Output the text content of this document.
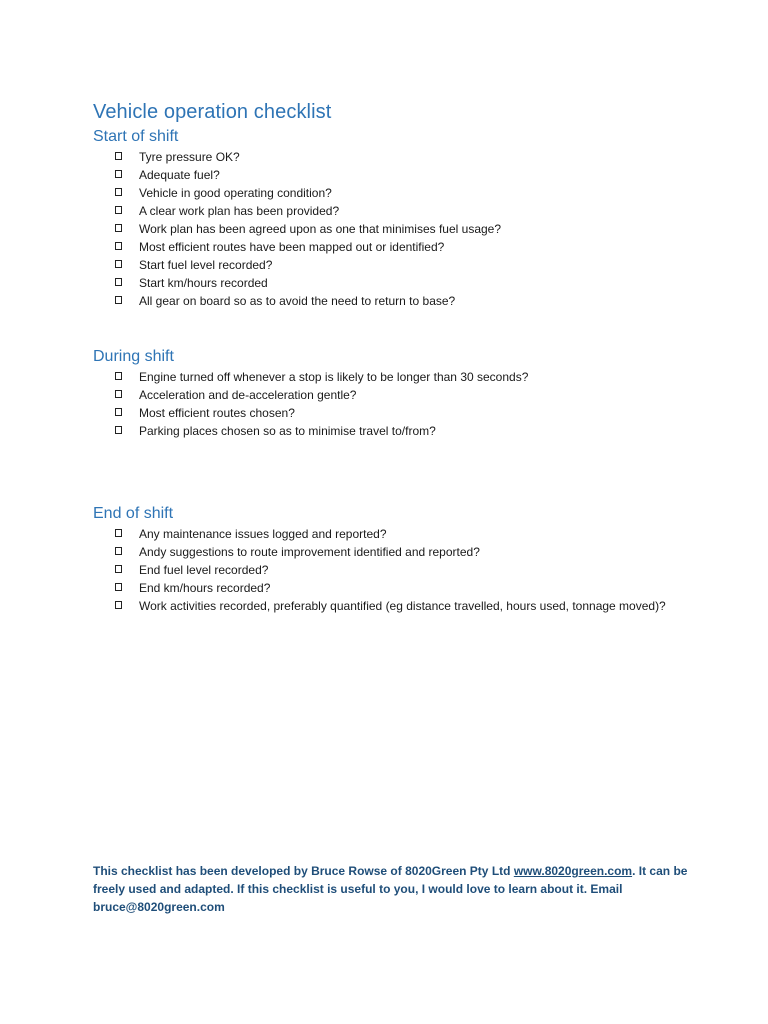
Vehicle operation checklist
Start of shift
Tyre pressure OK?
Adequate fuel?
Vehicle in good operating condition?
A clear work plan has been provided?
Work plan has been agreed upon as one that minimises fuel usage?
Most efficient routes have been mapped out or identified?
Start fuel level recorded?
Start km/hours recorded
All gear on board so as to avoid the need to return to base?
During shift
Engine turned off whenever a stop is likely to be longer than 30 seconds?
Acceleration and de-acceleration gentle?
Most efficient routes chosen?
Parking places chosen so as to minimise travel to/from?
End of shift
Any maintenance issues logged and reported?
Andy suggestions to route improvement identified and reported?
End fuel level recorded?
End km/hours recorded?
Work activities recorded, preferably quantified (eg distance travelled, hours used, tonnage moved)?

This checklist has been developed by Bruce Rowse of 8020Green Pty Ltd www.8020green.com. It can be freely used and adapted. If this checklist is useful to you, I would love to learn about it. Email bruce@8020green.com
